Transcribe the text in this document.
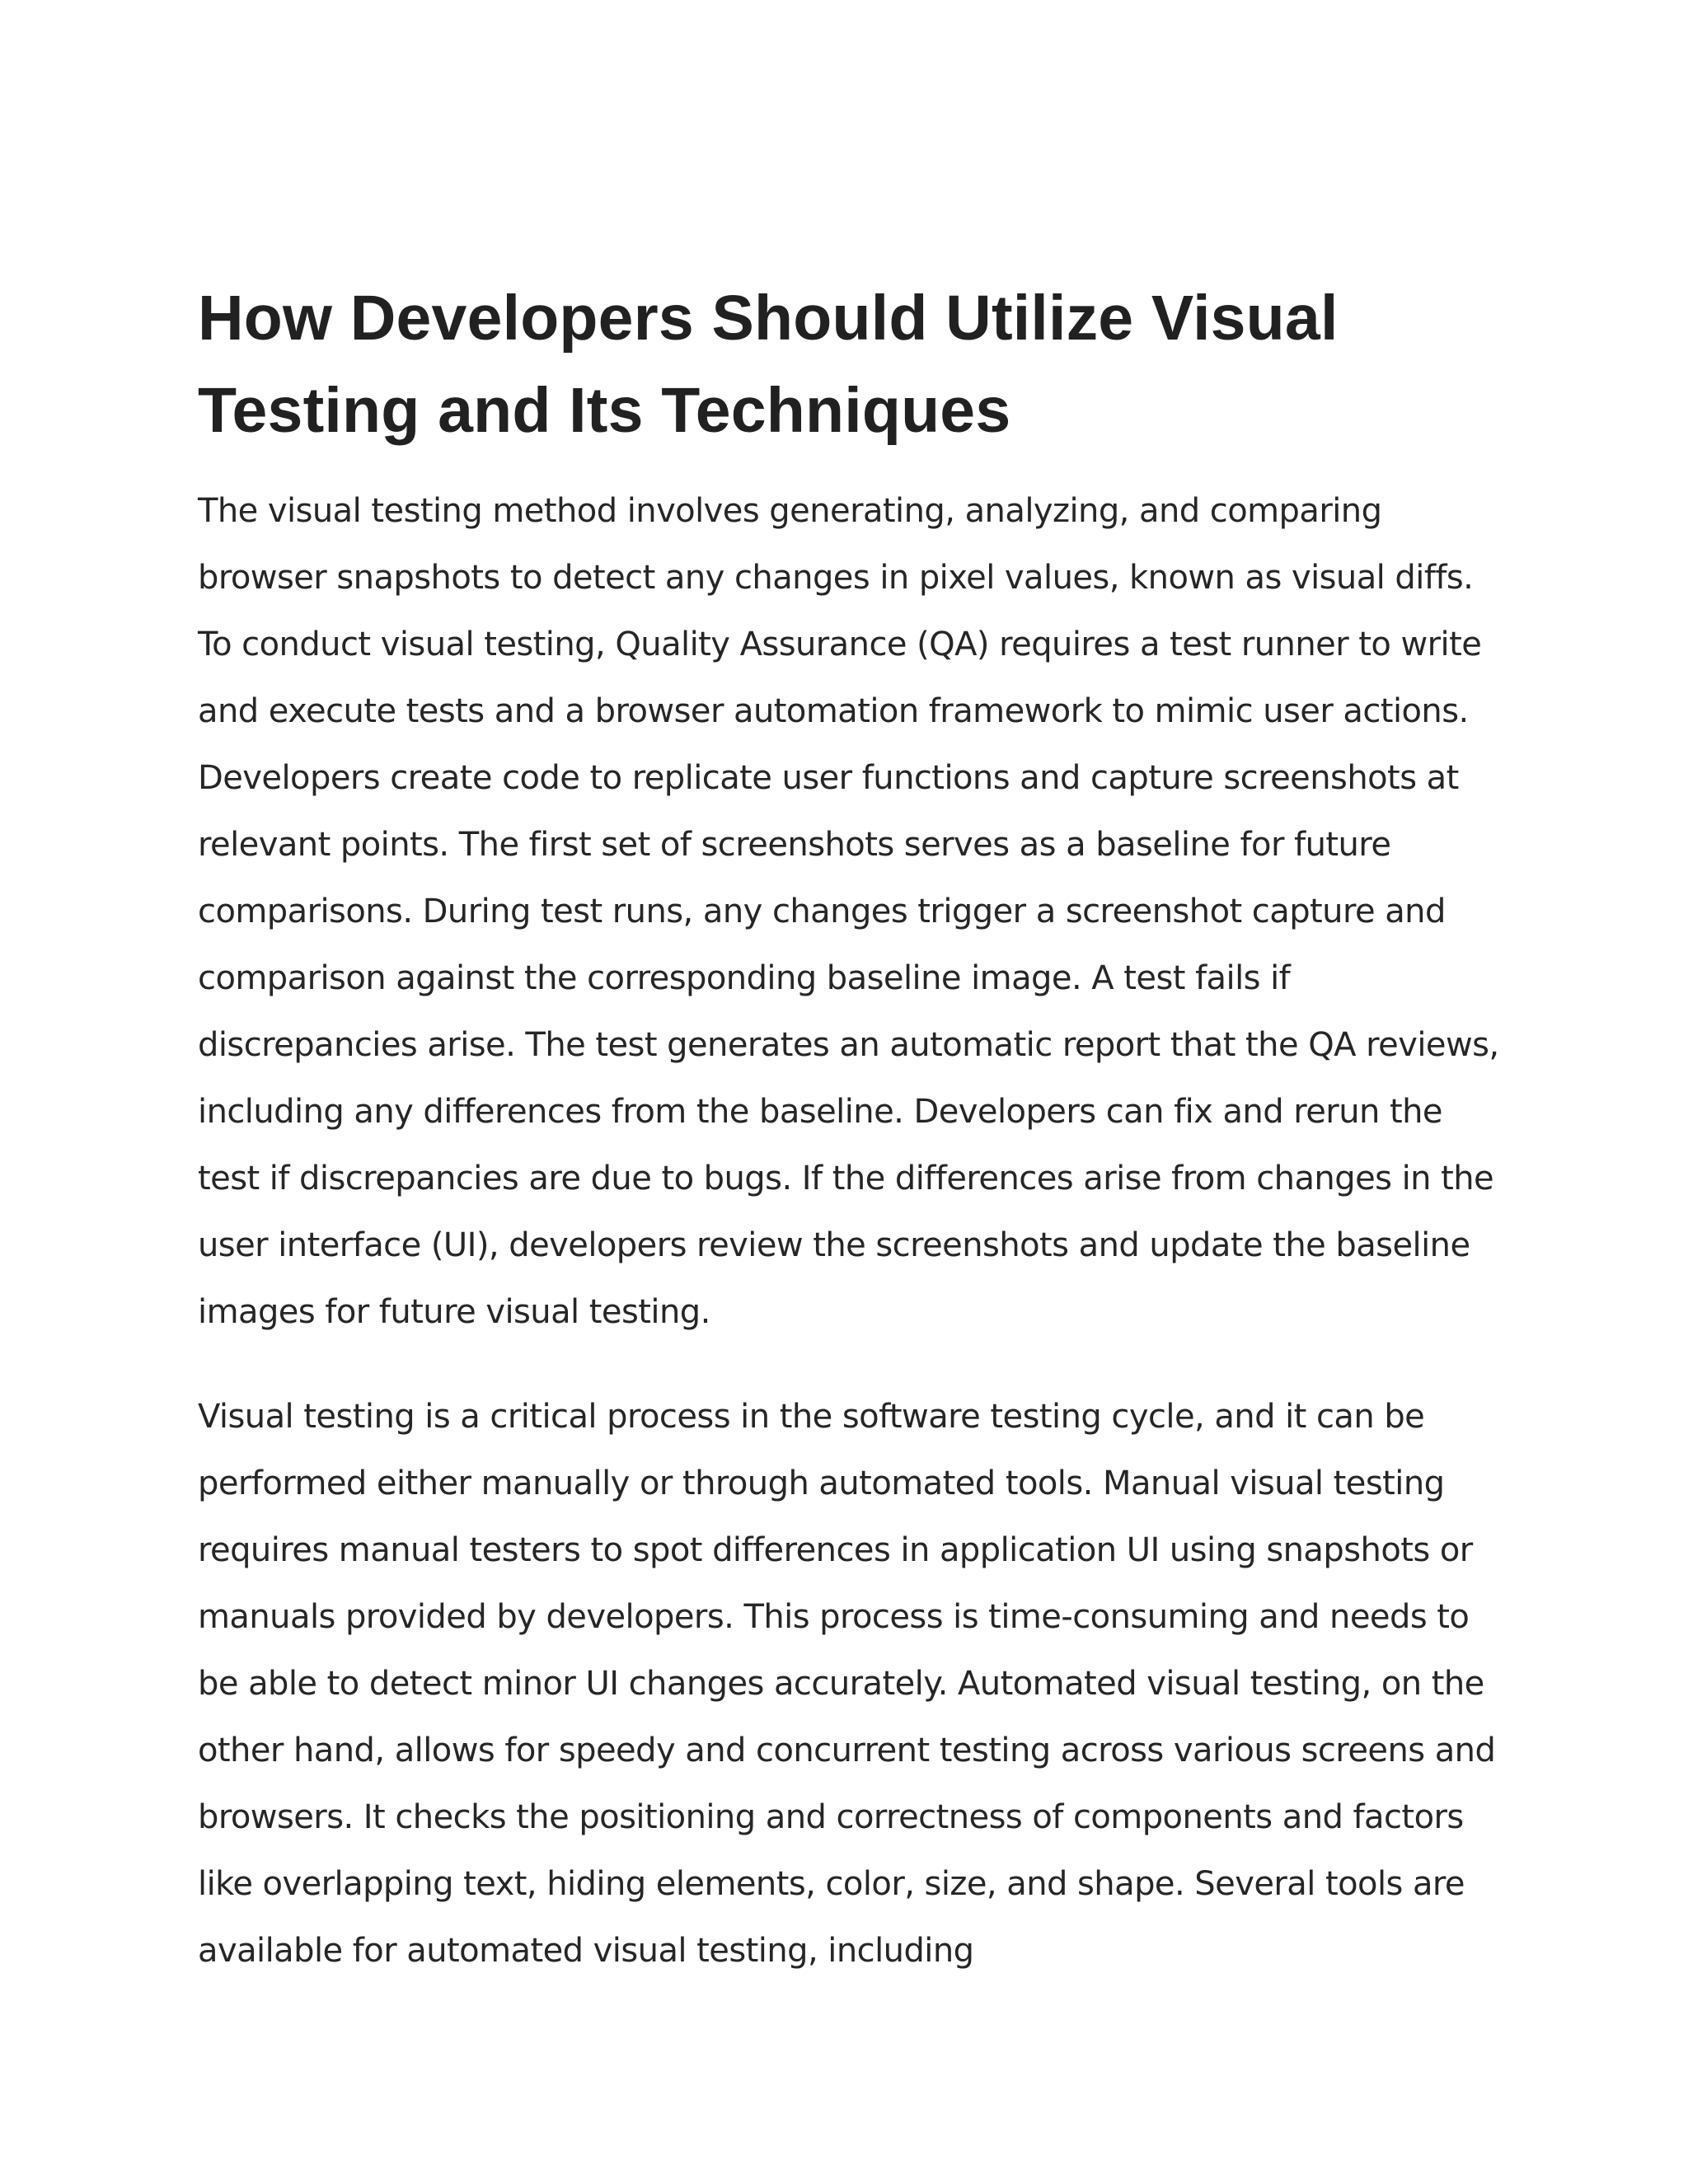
How Developers Should Utilize Visual Testing and Its Techniques

The visual testing method involves generating, analyzing, and comparing browser snapshots to detect any changes in pixel values, known as visual diffs. To conduct visual testing, Quality Assurance (QA) requires a test runner to write and execute tests and a browser automation framework to mimic user actions. Developers create code to replicate user functions and capture screenshots at relevant points. The first set of screenshots serves as a baseline for future comparisons. During test runs, any changes trigger a screenshot capture and comparison against the corresponding baseline image. A test fails if discrepancies arise. The test generates an automatic report that the QA reviews, including any differences from the baseline. Developers can fix and rerun the test if discrepancies are due to bugs. If the differences arise from changes in the user interface (UI), developers review the screenshots and update the baseline images for future visual testing.

Visual testing is a critical process in the software testing cycle, and it can be performed either manually or through automated tools. Manual visual testing requires manual testers to spot differences in application UI using snapshots or manuals provided by developers. This process is time-consuming and needs to be able to detect minor UI changes accurately. Automated visual testing, on the other hand, allows for speedy and concurrent testing across various screens and browsers. It checks the positioning and correctness of components and factors like overlapping text, hiding elements, color, size, and shape. Several tools are available for automated visual testing, including
